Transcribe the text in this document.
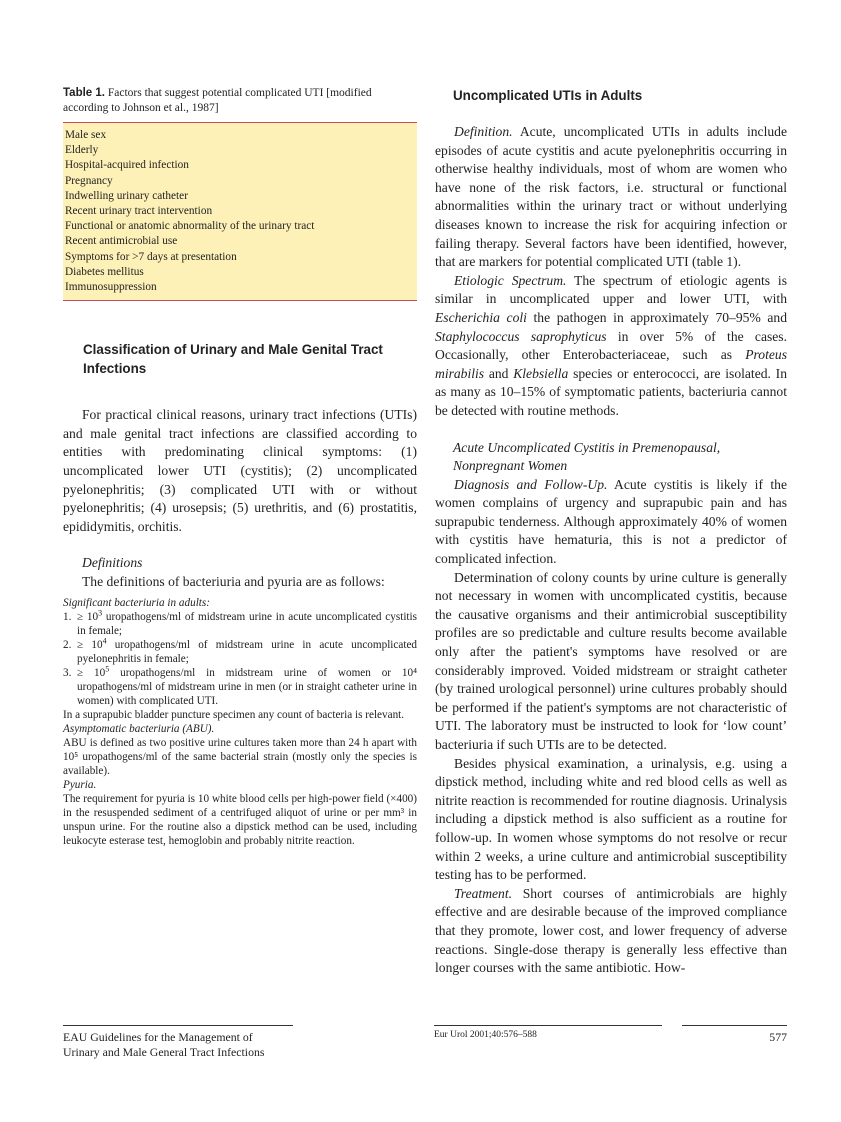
Table 1. Factors that suggest potential complicated UTI [modified according to Johnson et al., 1987]

Male sex
Elderly
Hospital-acquired infection
Pregnancy
Indwelling urinary catheter
Recent urinary tract intervention
Functional or anatomic abnormality of the urinary tract
Recent antimicrobial use
Symptoms for >7 days at presentation
Diabetes mellitus
Immunosuppression
Classification of Urinary and Male Genital Tract Infections

For practical clinical reasons, urinary tract infections (UTIs) and male genital tract infections are classified according to entities with predominating clinical symptoms: (1) uncomplicated lower UTI (cystitis); (2) uncomplicated pyelonephritis; (3) complicated UTI with or without pyelonephritis; (4) urosepsis; (5) urethritis, and (6) prostatitis, epididymitis, orchitis.

Definitions

The definitions of bacteriuria and pyuria are as follows:

Significant bacteriuria in adults:

1. ≥ $10^3$ uropathogens/ml of midstream urine in acute uncomplicated cystitis in female;
2. ≥ $10^4$ uropathogens/ml of midstream urine in acute uncomplicated pyelonephritis in female;
3. ≥ $10^5$ uropathogens/ml in midstream urine of women or 10⁴ uropathogens/ml of midstream urine in men (or in straight catheter urine in women) with complicated UTI.

In a suprapubic bladder puncture specimen any count of bacteria is relevant.

Asymptomatic bacteriuria (ABU).

ABU is defined as two positive urine cultures taken more than 24 h apart with 10⁵ uropathogens/ml of the same bacterial strain (mostly only the species is available).

Pyuria.

The requirement for pyuria is 10 white blood cells per high-power field (×400) in the resuspended sediment of a centrifuged aliquot of urine or per mm³ in unspun urine. For the routine also a dipstick method can be used, including leukocyte esterase test, hemoglobin and probably nitrite reaction.

Uncomplicated UTIs in Adults

Definition. Acute, uncomplicated UTIs in adults include episodes of acute cystitis and acute pyelonephritis occurring in otherwise healthy individuals, most of whom are women who have none of the risk factors, i.e. structural or functional abnormalities within the urinary tract or without underlying diseases known to increase the risk for acquiring infection or failing therapy. Several factors have been identified, however, that are markers for potential complicated UTI (table 1).

Etiologic Spectrum. The spectrum of etiologic agents is similar in uncomplicated upper and lower UTI, with Escherichia coli the pathogen in approximately 70–95% and Staphylococcus saprophyticus in over 5% of the cases. Occasionally, other Enterobacteriaceae, such as Proteus mirabilis and Klebsiella species or enterococci, are isolated. In as many as 10–15% of symptomatic patients, bacteriuria cannot be detected with routine methods.

Acute Uncomplicated Cystitis in Premenopausal,
Nonpregnant Women

Diagnosis and Follow-Up. Acute cystitis is likely if the women complains of urgency and suprapubic pain and has suprapubic tenderness. Although approximately 40% of women with cystitis have hematuria, this is not a predictor of complicated infection.

Determination of colony counts by urine culture is generally not necessary in women with uncomplicated cystitis, because the causative organisms and their antimicrobial susceptibility profiles are so predictable and culture results become available only after the patient's symptoms have resolved or are considerably improved. Voided midstream or straight catheter (by trained urological personnel) urine cultures probably should be performed if the patient's symptoms are not characteristic of UTI. The laboratory must be instructed to look for ‘low count’ bacteriuria if such UTIs are to be detected.

Besides physical examination, a urinalysis, e.g. using a dipstick method, including white and red blood cells as well as nitrite reaction is recommended for routine diagnosis. Urinalysis including a dipstick method is also sufficient as a routine for follow-up. In women whose symptoms do not resolve or recur within 2 weeks, a urine culture and antimicrobial susceptibility testing has to be performed.

Treatment. Short courses of antimicrobials are highly effective and are desirable because of the improved compliance that they promote, lower cost, and lower frequency of adverse reactions. Single-dose therapy is generally less effective than longer courses with the same antibiotic. How-

EAU Guidelines for the Management of
Urinary and Male General Tract Infections
Eur Urol 2001;40:576–588	577
